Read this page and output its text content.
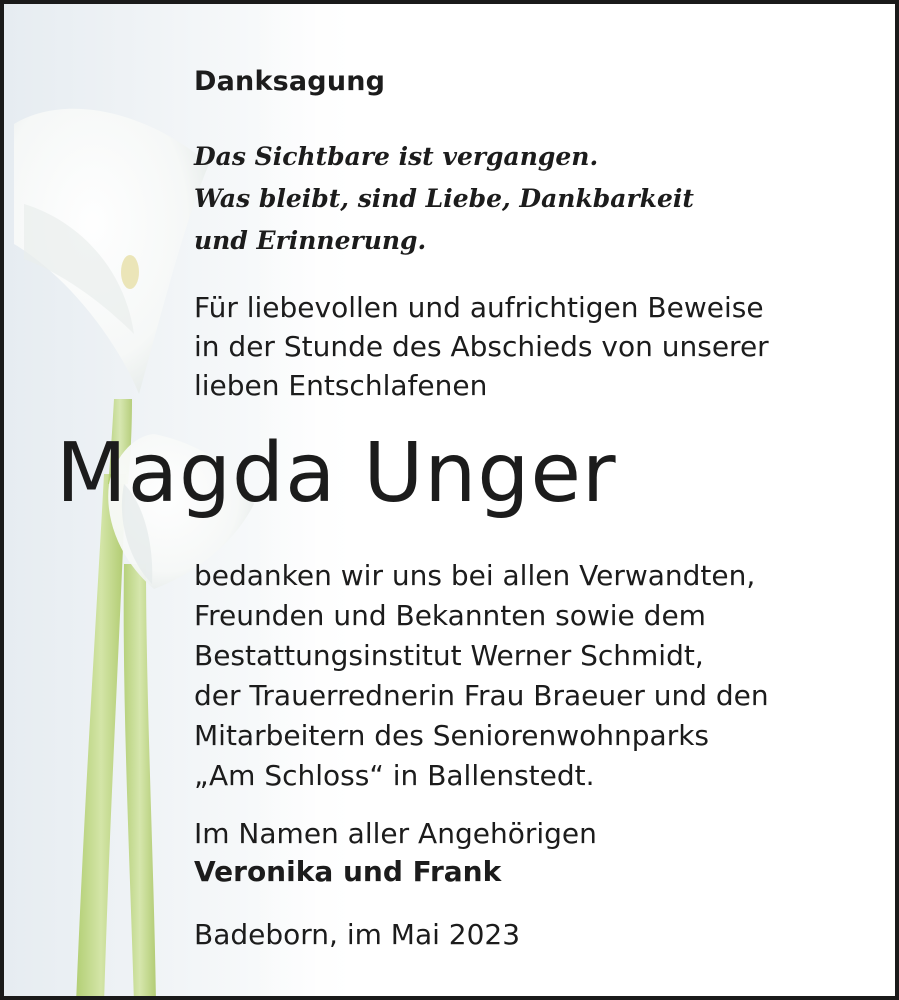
Danksagung
Das Sichtbare ist vergangen.
Was bleibt, sind Liebe, Dankbarkeit
und Erinnerung.
Für liebevollen und aufrichtigen Beweise
in der Stunde des Abschieds von unserer
lieben Entschlafenen
Magda Unger
bedanken wir uns bei allen Verwandten,
Freunden und Bekannten sowie dem
Bestattungsinstitut Werner Schmidt,
der Trauerrednerin Frau Braeuer und den
Mitarbeitern des Seniorenwohnparks
„Am Schloss“ in Ballenstedt.
Im Namen aller Angehörigen
Veronika und Frank
Badeborn, im Mai 2023
